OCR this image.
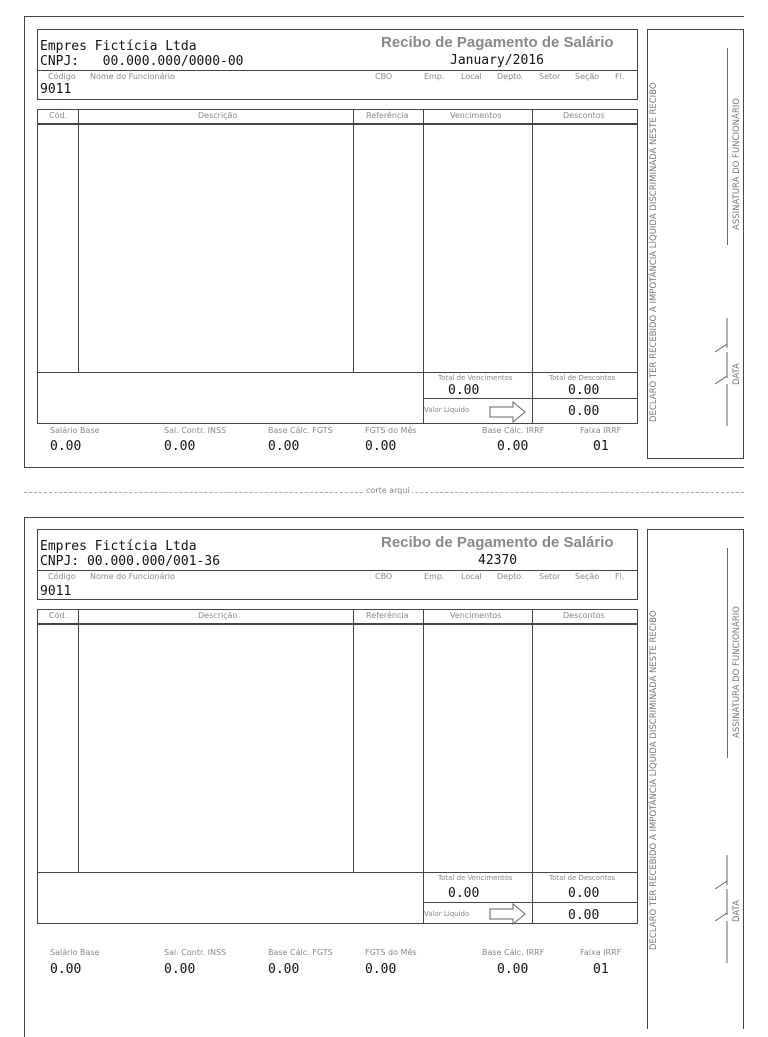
Empres Fictícia Ltda
CNPJ: 00.000.000/0000-00
Recibo de Pagamento de Salário
January/2016
Código Nome do Funcionário	CBO	Emp. Local Depto. Setor Seção Fl.
9011
Cód.	Descrição	Referência	Vencimentos	Descontos
Total de Vencimentos
0.00
Total de Descontos
0.00
Valor Líquido	0.00
Salário Base
0.00
Sal. Contr. INSS
0.00
Base Cálc. FGTS
0.00
FGTS do Mês
0.00
Base Cálc. IRRF
0.00
Faixa IRRF
01
DECLARO TER RECEBIDO A IMPOTÂNCIA LÍQUIDA DISCRIMINADA NESTE RECIBO	ASSINATURA DO FUNCIONÁRIO
DATA
corte arqui
Empres Fictícia Ltda
CNPJ: 00.000.000/001-36
Recibo de Pagamento de Salário
42370
Código Nome do Funcionário	CBO	Emp. Local Depto. Setor Seção Fl.
9011
Cód.	Descrição	Referência	Vencimentos	Descontos
Total de Vencimentos
0.00
Total de Descontos
0.00
Valor Líquido	0.00
Salário Base
0.00
Sal. Contr. INSS
0.00
Base Cálc. FGTS
0.00
FGTS do Mês
0.00
Base Cálc. IRRF
0.00
Faixa IRRF
01
DECLARO TER RECEBIDO A IMPOTÂNCIA LÍQUIDA DISCRIMINADA NESTE RECIBO	ASSINATURA DO FUNCIONÁRIO
DATA
